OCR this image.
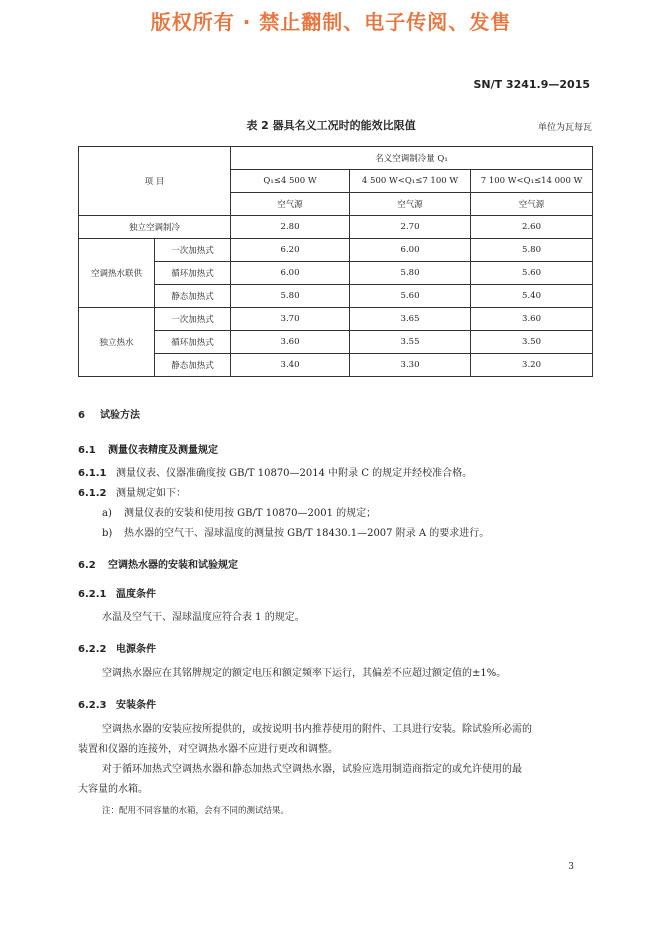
版权所有 · 禁止翻制、电子传阅、发售
SN/T 3241.9—2015
表 2 器具名义工况时的能效比限值	单位为瓦每瓦
项 目		名义空调制冷量 Q₁		
		Q₁≤4 500 W	4 500 W<Q₁≤7 100 W	7 100 W<Q₁≤14 000 W
		空气源	空气源	空气源
独立空调制冷		2.80	2.70	2.60
空调热水联供	一次加热式	6.20	6.00	5.80
	循环加热式	6.00	5.80	5.60
	静态加热式	5.80	5.60	5.40
独立热水	一次加热式	3.70	3.65	3.60
	循环加热式	3.60	3.55	3.50
	静态加热式	3.40	3.30	3.20
6 试验方法
6.1 测量仪表精度及测量规定
6.1.1 测量仪表、仪器准确度按 GB/T 10870—2014 中附录 C 的规定并经校准合格。
6.1.2 测量规定如下：
a) 测量仪表的安装和使用按 GB/T 10870—2001 的规定；
b) 热水器的空气干、湿球温度的测量按 GB/T 18430.1—2007 附录 A 的要求进行。
6.2 空调热水器的安装和试验规定
6.2.1 温度条件
水温及空气干、湿球温度应符合表 1 的规定。
6.2.2 电源条件
空调热水器应在其铭牌规定的额定电压和额定频率下运行，其偏差不应超过额定值的±1%。
6.2.3 安装条件
空调热水器的安装应按所提供的，或按说明书内推荐使用的附件、工具进行安装。除试验所必需的
装置和仪器的连接外，对空调热水器不应进行更改和调整。
对于循环加热式空调热水器和静态加热式空调热水器，试验应选用制造商指定的或允许使用的最
大容量的水箱。
注：配用不同容量的水箱，会有不同的测试结果。
3
